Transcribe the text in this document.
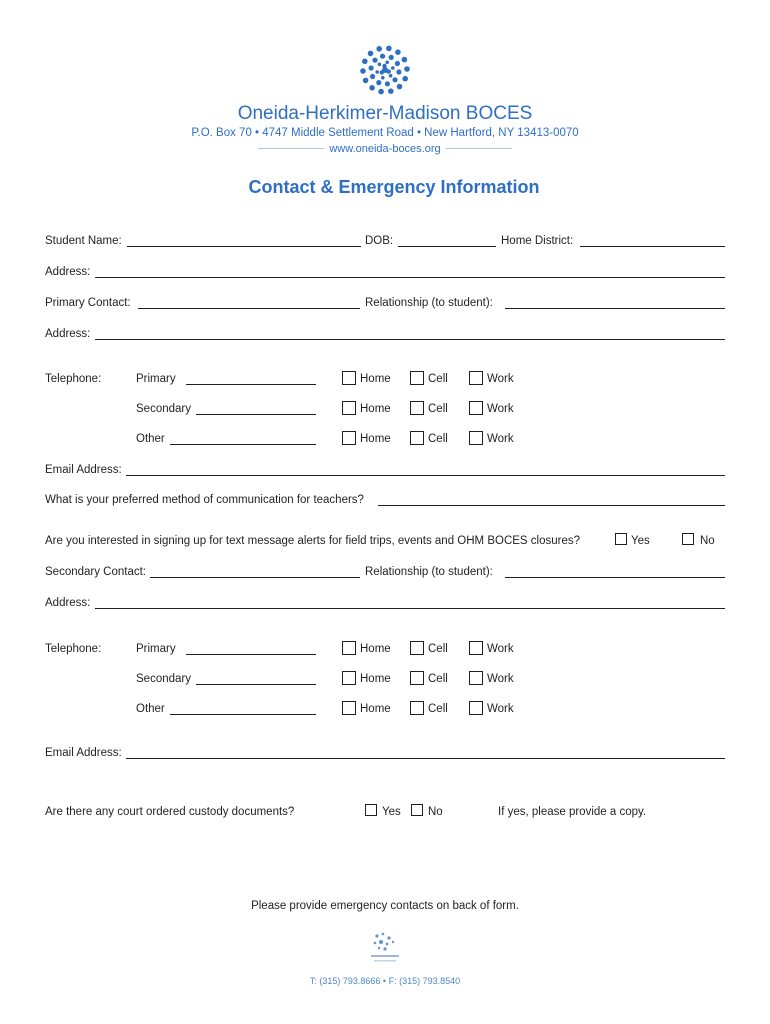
Oneida-Herkimer-Madison BOCES
P.O. Box 70 • 4747 Middle Settlement Road • New Hartford, NY 13413-0070
www.oneida-boces.org
Contact & Emergency Information
Student Name:	DOB:	Home District:
Address:
Primary Contact:	Relationship (to student):
Address:
Telephone:	Primary	Home	Cell	Work
Secondary	Home	Cell	Work
Other	Home	Cell	Work
Email Address:
What is your preferred method of communication for teachers?
Are you interested in signing up for text message alerts for field trips, events and OHM BOCES closures?	Yes	No
Secondary Contact:	Relationship (to student):
Address:
Telephone:	Primary	Home	Cell	Work
Secondary	Home	Cell	Work
Other	Home	Cell	Work
Email Address:
Are there any court ordered custody documents?	Yes No	If yes, please provide a copy.
Please provide emergency contacts on back of form.
T: (315) 793.8666 • F: (315) 793.8540
